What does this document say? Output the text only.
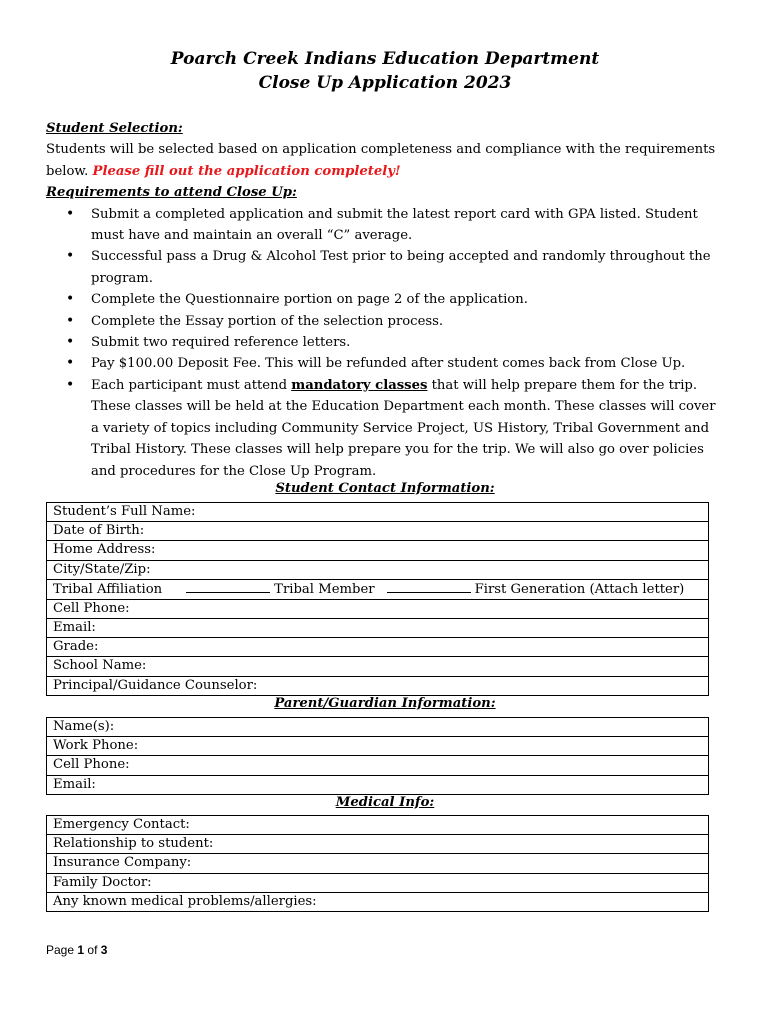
Poarch Creek Indians Education Department
Close Up Application 2023
Student Selection:
Students will be selected based on application completeness and compliance with the requirements below. Please fill out the application completely!
Requirements to attend Close Up:
• Submit a completed application and submit the latest report card with GPA listed. Student must have and maintain an overall “C” average.
• Successful pass a Drug & Alcohol Test prior to being accepted and randomly throughout the program.
• Complete the Questionnaire portion on page 2 of the application.
• Complete the Essay portion of the selection process.
• Submit two required reference letters.
• Pay $100.00 Deposit Fee. This will be refunded after student comes back from Close Up.
• Each participant must attend mandatory classes that will help prepare them for the trip. These classes will be held at the Education Department each month. These classes will cover a variety of topics including Community Service Project, US History, Tribal Government and Tribal History. These classes will help prepare you for the trip. We will also go over policies and procedures for the Close Up Program.
Student Contact Information:
Student’s Full Name:
Date of Birth:
Home Address:
City/State/Zip:
Tribal Affiliation	Tribal Member	First Generation (Attach letter)
Cell Phone:
Email:
Grade:
School Name:
Principal/Guidance Counselor:
Parent/Guardian Information:
Name(s):
Work Phone:
Cell Phone:
Email:
Medical Info:
Emergency Contact:
Relationship to student:
Insurance Company:
Family Doctor:
Any known medical problems/allergies:
Page 1 of 3
